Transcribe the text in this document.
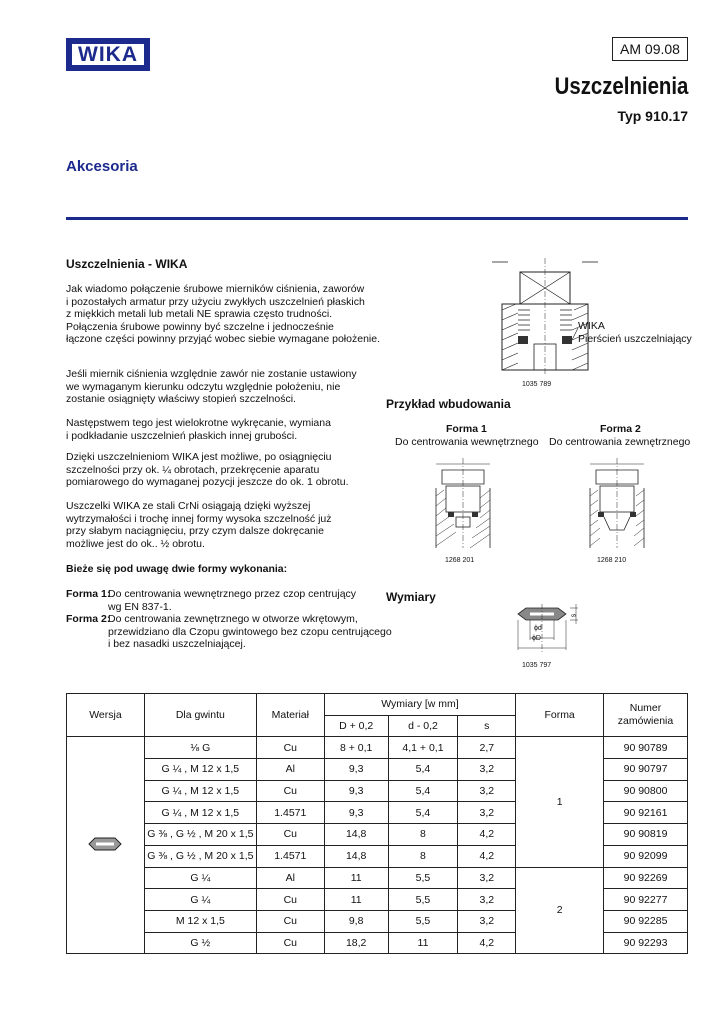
WIKA	AM 09.08
Uszczelnienia
Typ 910.17
Akcesoria
Uszczelnienia - WIKA
Jak wiadomo połączenie śrubowe mierników ciśnienia, zaworów
i pozostałych armatur przy użyciu zwykłych uszczelnień płaskich
z miękkich metali lub metali NE sprawia często trudności.
Połączenia śrubowe powinny być szczelne i jednocześnie
łączone części powinny przyjąć wobec siebie wymagane położenie.
Jeśli miernik ciśnienia względnie zawór nie zostanie ustawiony
we wymaganym kierunku odczytu względnie położeniu, nie
zostanie osiągnięty właściwy stopień szczelności.
Następstwem tego jest wielokrotne wykręcanie, wymiana
i podkładanie uszczelnień płaskich innej grubości.
Dzięki uszczelnieniom WIKA jest możliwe, po osiągnięciu
szczelności przy ok. ¼ obrotach, przekręcenie aparatu
pomiarowego do wymaganej pozycji jeszcze do ok. 1 obrotu.
Uszczelki WIKA ze stali CrNi osiągają dzięki wyższej
wytrzymałości i trochę innej formy wysoka szczelność już
przy słabym naciągnięciu, przy czym dalsze dokręcanie
możliwe jest do ok.. ½ obrotu.
Bieże się pod uwagę dwie formy wykonania:
Forma 1:Do centrowania wewnętrznego przez czop centrujący
wg EN 837-1.
Forma 2:Do centrowania zewnętrznego w otworze wkrętowym,
przewidziano dla Czopu gwintowego bez czopu centrującego
i bez nasadki uszczelniającej.
WIKA
Pierścień uszczelniający
1035 789
Przykład wbudowania
Forma 1
Do centrowania wewnętrznego
Forma 2
Do centrowania zewnętrznego
1268 201	1268 210
Wymiary
s
ϕd
ϕD
1035 797
Wersja	Dla gwintu	Materiał	Wymiary [w mm]			Forma	Numer zamówienia
			D + 0,2	d - 0,2	s		
	⅛ G	Cu	8 + 0,1	4,1 + 0,1	2,7	1	90 90789
	G ¼ , M 12 x 1,5	Al	9,3	5,4	3,2		90 90797
	G ¼ , M 12 x 1,5	Cu	9,3	5,4	3,2		90 90800
	G ¼ , M 12 x 1,5	1.4571	9,3	5,4	3,2		90 92161
	G ⅜ , G ½ , M 20 x 1,5	Cu	14,8	8	4,2		90 90819
	G ⅜ , G ½ , M 20 x 1,5	1.4571	14,8	8	4,2		90 92099
	G ¼	Al	11	5,5	3,2	2	90 92269
	G ¼	Cu	11	5,5	3,2		90 92277
	M 12 x 1,5	Cu	9,8	5,5	3,2		90 92285
	G ½	Cu	18,2	11	4,2		90 92293
